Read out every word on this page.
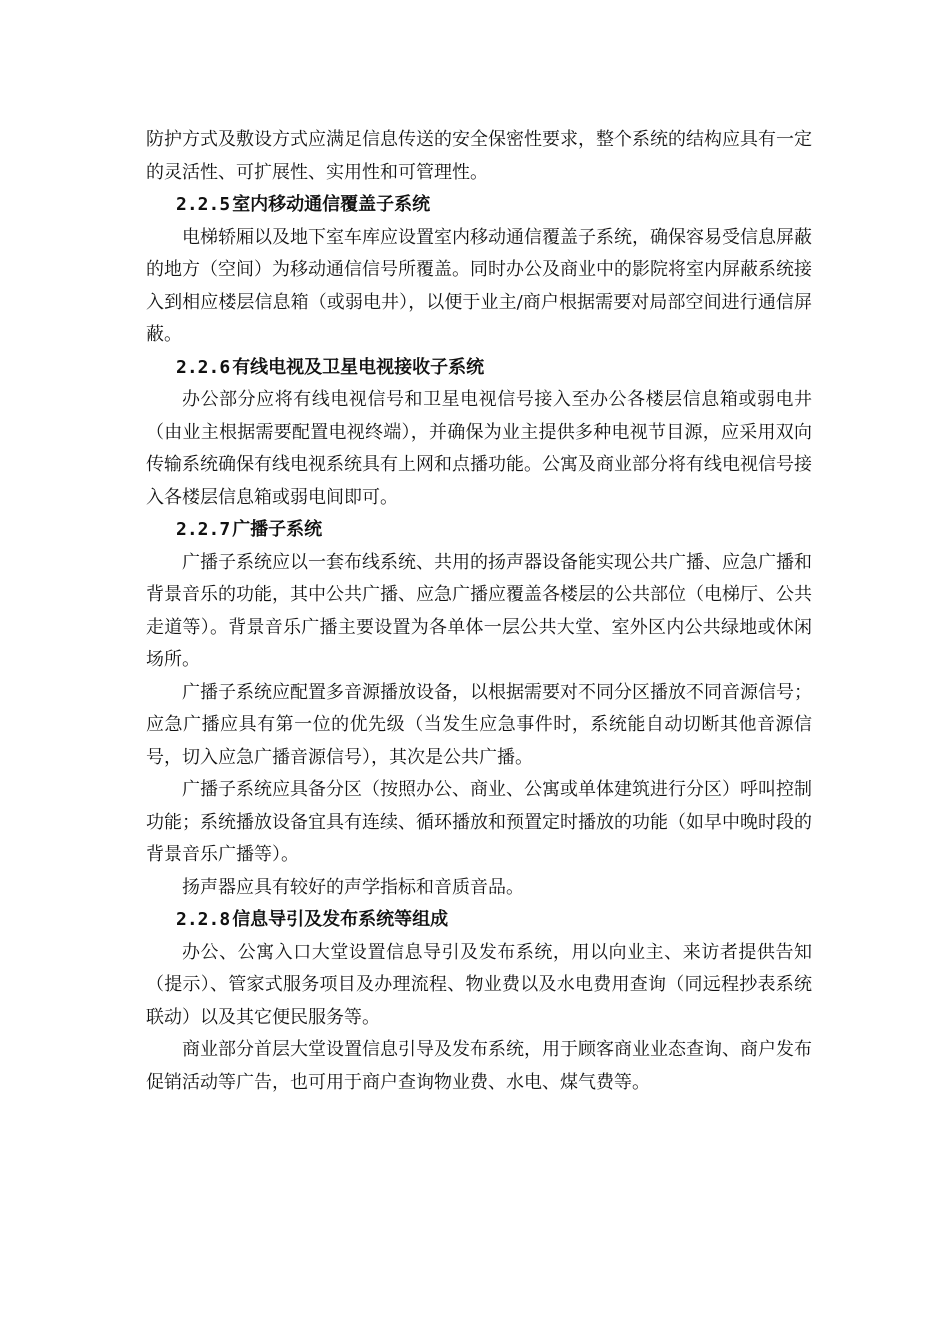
防护方式及敷设方式应满足信息传送的安全保密性要求，整个系统的结构应具有一定的灵活性、可扩展性、实用性和可管理性。

2.2.5 室内移动通信覆盖子系统

电梯轿厢以及地下室车库应设置室内移动通信覆盖子系统，确保容易受信息屏蔽的地方（空间）为移动通信信号所覆盖。同时办公及商业中的影院将室内屏蔽系统接入到相应楼层信息箱（或弱电井），以便于业主/商户根据需要对局部空间进行通信屏蔽。

2.2.6 有线电视及卫星电视接收子系统

办公部分应将有线电视信号和卫星电视信号接入至办公各楼层信息箱或弱电井（由业主根据需要配置电视终端），并确保为业主提供多种电视节目源，应采用双向传输系统确保有线电视系统具有上网和点播功能。公寓及商业部分将有线电视信号接入各楼层信息箱或弱电间即可。

2.2.7 广播子系统

广播子系统应以一套布线系统、共用的扬声器设备能实现公共广播、应急广播和背景音乐的功能，其中公共广播、应急广播应覆盖各楼层的公共部位（电梯厅、公共走道等）。背景音乐广播主要设置为各单体一层公共大堂、室外区内公共绿地或休闲场所。

广播子系统应配置多音源播放设备，以根据需要对不同分区播放不同音源信号；应急广播应具有第一位的优先级（当发生应急事件时，系统能自动切断其他音源信号，切入应急广播音源信号），其次是公共广播。

广播子系统应具备分区（按照办公、商业、公寓或单体建筑进行分区）呼叫控制功能；系统播放设备宜具有连续、循环播放和预置定时播放的功能（如早中晚时段的背景音乐广播等）。

扬声器应具有较好的声学指标和音质音品。

2.2.8 信息导引及发布系统等组成

办公、公寓入口大堂设置信息导引及发布系统，用以向业主、来访者提供告知（提示）、管家式服务项目及办理流程、物业费以及水电费用查询（同远程抄表系统联动）以及其它便民服务等。

商业部分首层大堂设置信息引导及发布系统，用于顾客商业业态查询、商户发布促销活动等广告，也可用于商户查询物业费、水电、煤气费等。
